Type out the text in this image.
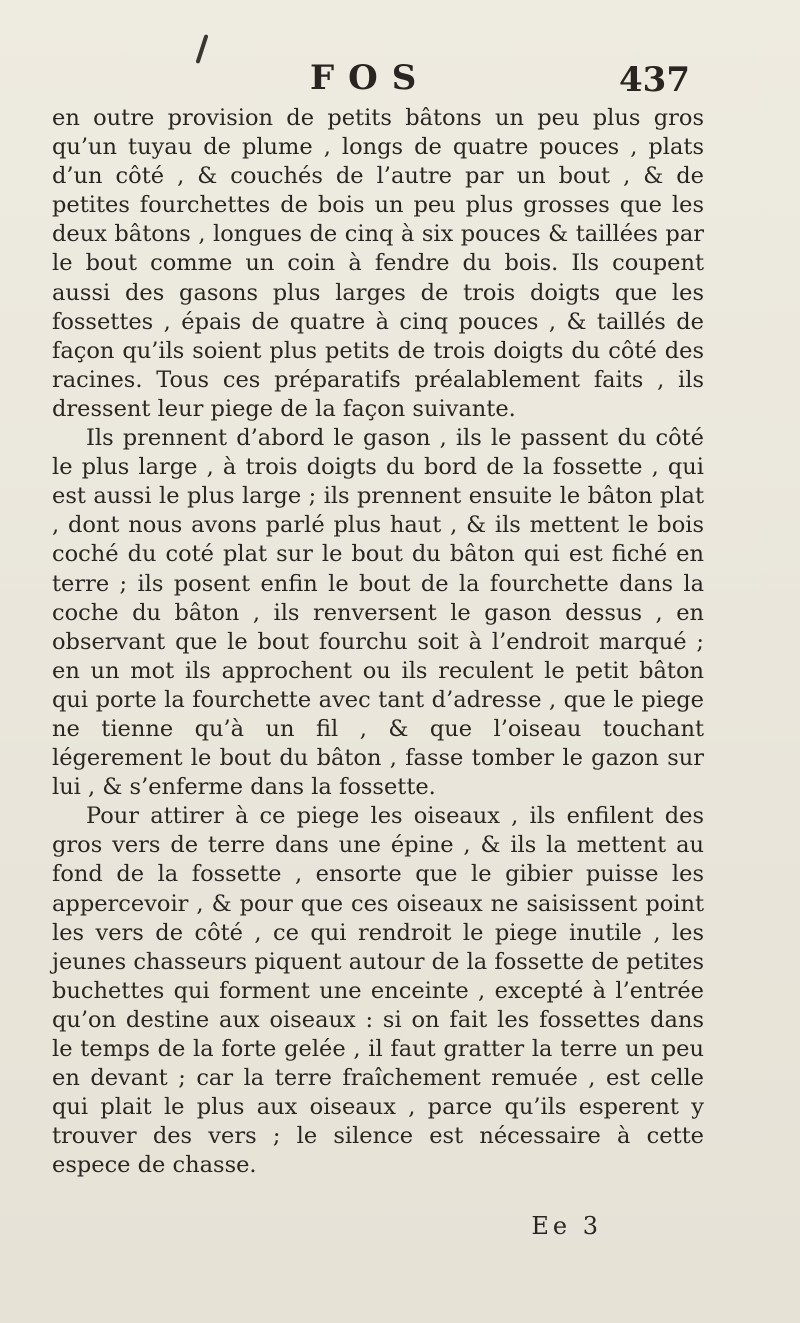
FOS	437

en outre provision de petits bâtons un peu plus gros qu’un tuyau de plume , longs de quatre pouces , plats d’un côté , & couchés de l’autre par un bout , & de petites fourchettes de bois un peu plus grosses que les deux bâtons , longues de cinq à six pouces & taillées par le bout comme un coin à fendre du bois. Ils coupent aussi des gasons plus larges de trois doigts que les fossettes , épais de quatre à cinq pouces , & taillés de façon qu’ils soient plus petits de trois doigts du côté des racines. Tous ces préparatifs préalablement faits , ils dressent leur piege de la façon suivante.

Ils prennent d’abord le gason , ils le passent du côté le plus large , à trois doigts du bord de la fossette , qui est aussi le plus large ; ils prennent ensuite le bâton plat , dont nous avons parlé plus haut , & ils mettent le bois coché du coté plat sur le bout du bâton qui est fiché en terre ; ils posent enfin le bout de la fourchette dans la coche du bâton , ils renversent le gason dessus , en observant que le bout fourchu soit à l’endroit marqué ; en un mot ils approchent ou ils reculent le petit bâton qui porte la fourchette avec tant d’adresse , que le piege ne tienne qu’à un fil , & que l’oiseau touchant légerement le bout du bâton , fasse tomber le gazon sur lui , & s’enferme dans la fossette.

Pour attirer à ce piege les oiseaux , ils enfilent des gros vers de terre dans une épine , & ils la mettent au fond de la fossette , ensorte que le gibier puisse les appercevoir , & pour que ces oiseaux ne saisissent point les vers de côté , ce qui rendroit le piege inutile , les jeunes chasseurs piquent autour de la fossette de petites buchettes qui forment une enceinte , excepté à l’entrée qu’on destine aux oiseaux : si on fait les fossettes dans le temps de la forte gelée , il faut gratter la terre un peu en devant ; car la terre fraîchement remuée , est celle qui plait le plus aux oiseaux , parce qu’ils esperent y trouver des vers ; le silence est nécessaire à cette espece de chasse.

Ee 3
